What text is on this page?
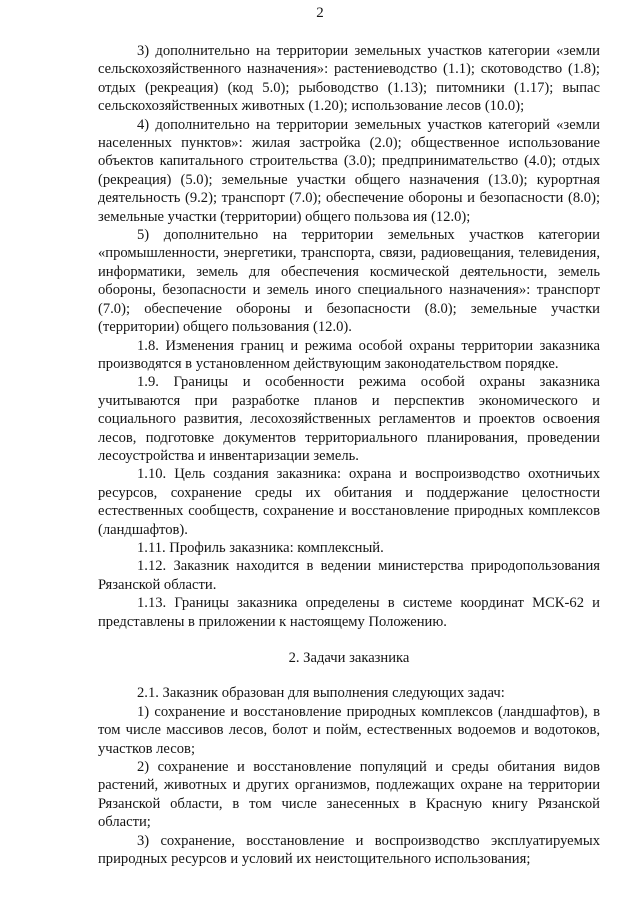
2

3) дополнительно на территории земельных участков категории «земли сельскохозяйственного назначения»: растениеводство (1.1); скотоводство (1.8); отдых (рекреация) (код 5.0); рыбоводство (1.13); питомники (1.17); выпас сельскохозяйственных животных (1.20); использование лесов (10.0);

4) дополнительно на территории земельных участков категорий «земли населенных пунктов»: жилая застройка (2.0); общественное использование объектов капитального строительства (3.0); предпринимательство (4.0); отдых (рекреация) (5.0); земельные участки общего назначения (13.0); курортная деятельность (9.2); транспорт (7.0); обеспечение обороны и безопасности (8.0); земельные участки (территории) общего пользова ия (12.0);

5) дополнительно на территории земельных участков категории «промышленности, энергетики, транспорта, связи, радиовещания, телевидения, информатики, земель для обеспечения космической деятельности, земель обороны, безопасности и земель иного специального назначения»: транспорт (7.0); обеспечение обороны и безопасности (8.0); земельные участки (территории) общего пользования (12.0).

1.8. Изменения границ и режима особой охраны территории заказника производятся в установленном действующим законодательством порядке.

1.9. Границы и особенности режима особой охраны заказника учитываются при разработке планов и перспектив экономического и социального развития, лесохозяйственных регламентов и проектов освоения лесов, подготовке документов территориального планирования, проведении лесоустройства и инвентаризации земель.

1.10. Цель создания заказника: охрана и воспроизводство охотничьих ресурсов, сохранение среды их обитания и поддержание целостности естественных сообществ, сохранение и восстановление природных комплексов (ландшафтов).

1.11. Профиль заказника: комплексный.

1.12. Заказник находится в ведении министерства природопользования Рязанской области.

1.13. Границы заказника определены в системе координат МСК-62 и представлены в приложении к настоящему Положению.

2. Задачи заказника

2.1. Заказник образован для выполнения следующих задач:

1) сохранение и восстановление природных комплексов (ландшафтов), в том числе массивов лесов, болот и пойм, естественных водоемов и водотоков, участков лесов;

2) сохранение и восстановление популяций и среды обитания видов растений, животных и других организмов, подлежащих охране на территории Рязанской области, в том числе занесенных в Красную книгу Рязанской области;

3) сохранение, восстановление и воспроизводство эксплуатируемых природных ресурсов и условий их неистощительного использования;
